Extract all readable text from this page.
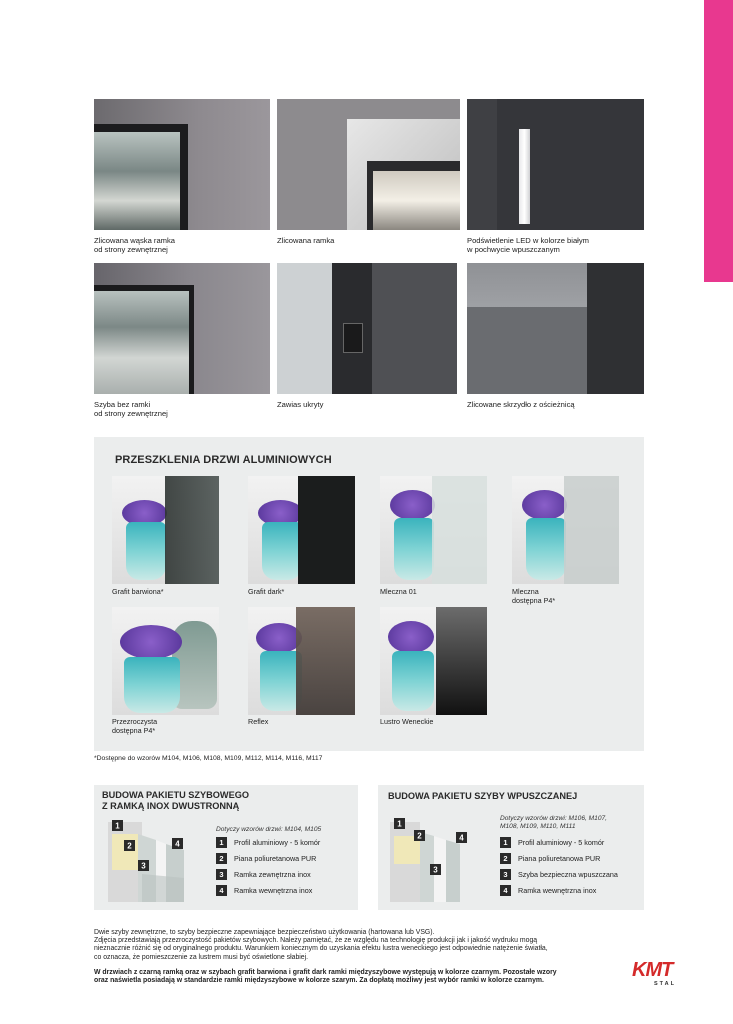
Zlicowana wąska ramka
od strony zewnętrznej
Zlicowana ramka	Podświetlenie LED w kolorze białym
w pochwycie wpuszczanym
Szyba bez ramki
od strony zewnętrznej
Zawias ukryty	Zlicowane skrzydło z ościeżnicą
PRZESZKLENIA DRZWI ALUMINIOWYCH
Grafit barwiona*	Grafit dark*	Mleczna 01	Mleczna
dostępna P4*
Przezroczysta
dostępna P4*
Reflex	Lustro Weneckie
*Dostępne do wzorów M104, M106, M108, M109, M112, M114, M116, M117
BUDOWA PAKIETU SZYBOWEGO
Z RAMKĄ INOX DWUSTRONNĄ
BUDOWA PAKIETU SZYBY WPUSZCZANEJ
1
2
3
4
Dotyczy wzorów drzwi: M104, M105
1	Profil aluminiowy - 5 komór
2	Piana poliuretanowa PUR
3	Ramka zewnętrzna inox
4	Ramka wewnętrzna inox
1
2
3
4
Dotyczy wzorów drzwi: M106, M107,
M108, M109, M110, M111
1	Profil aluminiowy - 5 komór
2	Piana poliuretanowa PUR
3	Szyba bezpieczna wpuszczana
4	Ramka wewnętrzna inox
Dwie szyby zewnętrzne, to szyby bezpieczne zapewniające bezpieczeństwo użytkowania (hartowana lub VSG).
Zdjęcia przedstawiają przezroczystość pakietów szybowych. Należy pamiętać, że ze względu na technologię produkcji jak i jakość wydruku mogą
nieznacznie różnić się od oryginalnego produktu. Warunkiem koniecznym do uzyskania efektu lustra weneckiego jest odpowiednie natężenie światła,
co oznacza, że pomieszczenie za lustrem musi być oświetlone słabiej.
W drzwiach z czarną ramką oraz w szybach grafit barwiona i grafit dark ramki międzyszybowe występują w kolorze czarnym. Pozostałe wzory
oraz naświetla posiadają w standardzie ramki międzyszybowe w kolorze szarym. Za dopłatą możliwy jest wybór ramki w kolorze czarnym.	KMT
STAL
